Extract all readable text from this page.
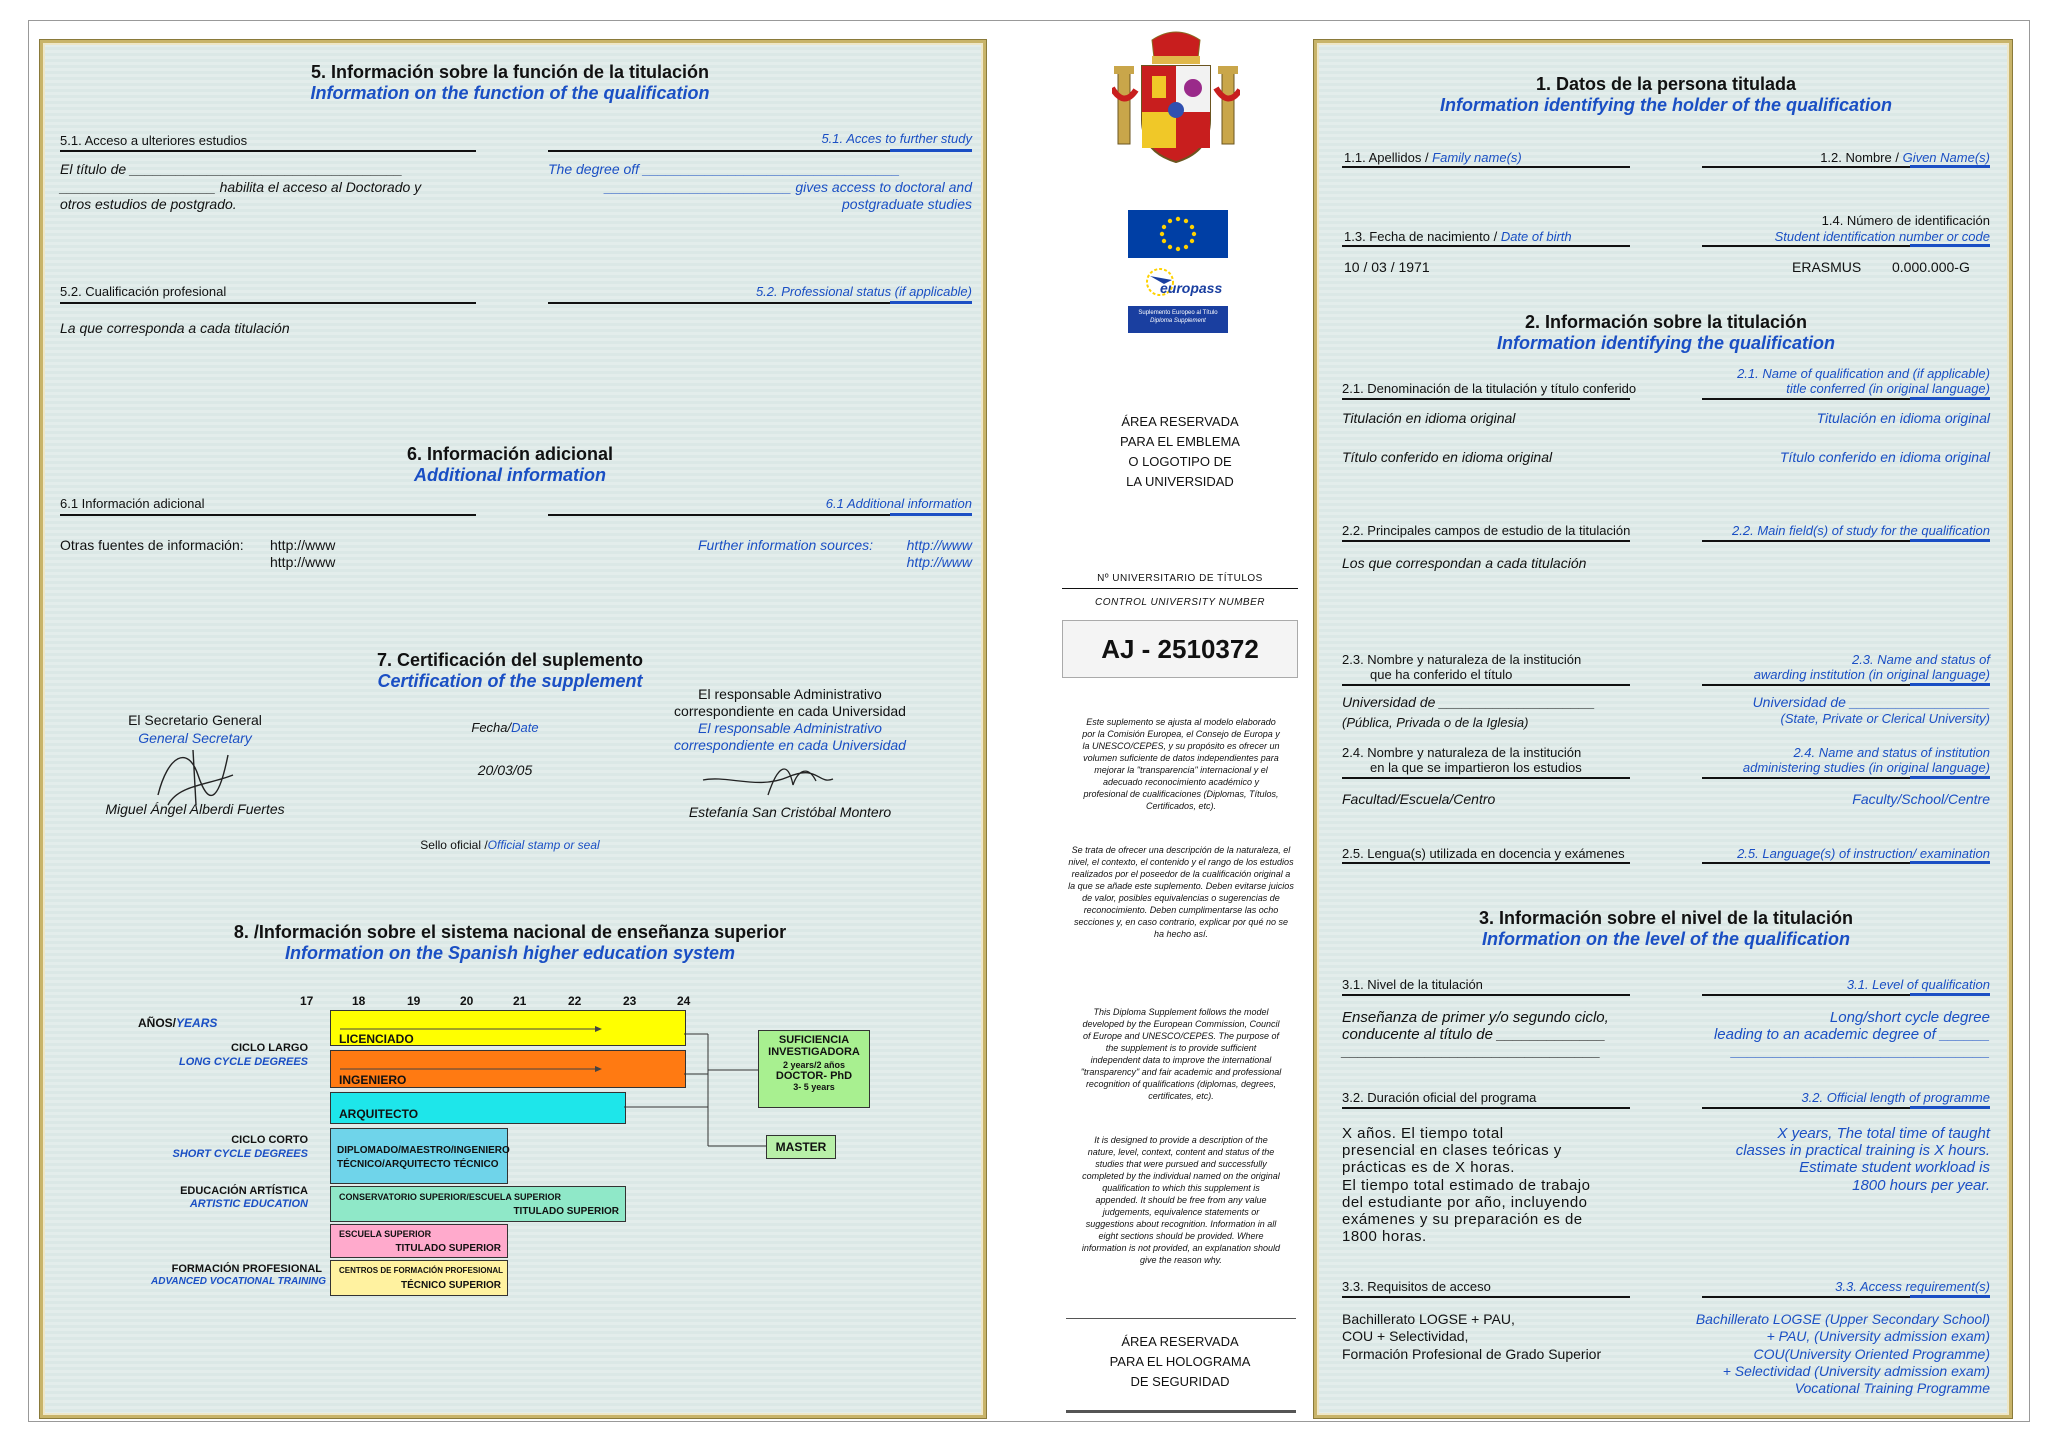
5. Información sobre la función de la titulación
Information on the function of the qualification
5.1. Acceso a ulteriores estudios	5.1. Acces to further study
El título de ___________________________________
____________________ habilita el acceso al Doctorado y
otros estudios de postgrado.
The degree off _________________________________
________________________ gives access to doctoral and
postgraduate studies
5.2. Cualificación profesional	5.2. Professional status (if applicable)
La que corresponda a cada titulación
6. Información adicional
Additional information
6.1 Información adicional	6.1 Additional information
Otras fuentes de información: http://www
http://www
Further information sources:	http://www
http://www
7. Certificación del suplemento
Certification of the supplement
El Secretario General
General Secretary
Miguel Ángel Alberdi Fuertes
Fecha/Date
20/03/05
El responsable Administrativo
correspondiente en cada Universidad
El responsable Administrativo
correspondiente en cada Universidad
Estefanía San Cristóbal Montero
Sello oficial /Official stamp or seal
8. /Información sobre el sistema nacional de enseñanza superior
Information on the Spanish higher education system
17	18	19	20	21	22	23	24
AÑOS/YEARS
CICLO LARGO
LONG CYCLE DEGREES
CICLO CORTO
SHORT CYCLE DEGREES
EDUCACIÓN ARTÍSTICA
ARTISTIC EDUCATION
FORMACIÓN PROFESIONAL
ADVANCED VOCATIONAL TRAINING
LICENCIADO
INGENIERO
ARQUITECTO
DIPLOMADO/MAESTRO/INGENIERO
TÉCNICO/ARQUITECTO TÉCNICO
CONSERVATORIO SUPERIOR/ESCUELA SUPERIOR
TITULADO SUPERIOR
ESCUELA SUPERIOR
TITULADO SUPERIOR
CENTROS DE FORMACIÓN PROFESIONAL
TÉCNICO SUPERIOR
SUFICIENCIA
INVESTIGADORA
2 years/2 años
DOCTOR- PhD
3- 5 years
MASTER
europass
Suplemento Europeo al Título
Diploma Supplement
ÁREA RESERVADA
PARA EL EMBLEMA
O LOGOTIPO DE
LA UNIVERSIDAD
Nº UNIVERSITARIO DE TÍTULOS
CONTROL UNIVERSITY NUMBER
AJ - 2510372
Este suplemento se ajusta al modelo elaborado por la Comisión Europea, el Consejo de Europa y la UNESCO/CEPES, y su propósito es ofrecer un volumen suficiente de datos independientes para mejorar la "transparencia" internacional y el adecuado reconocimiento académico y profesional de cualificaciones (Diplomas, Títulos, Certificados, etc).
Se trata de ofrecer una descripción de la naturaleza, el nivel, el contexto, el contenido y el rango de los estudios realizados por el poseedor de la cualificación original a la que se añade este suplemento. Deben evitarse juicios de valor, posibles equivalencias o sugerencias de reconocimiento. Deben cumplimentarse las ocho secciones y, en caso contrario, explicar por qué no se ha hecho así.
This Diploma Supplement follows the model developed by the European Commission, Council of Europe and UNESCO/CEPES. The purpose of the supplement is to provide sufficient independent data to improve the international "transparency" and fair academic and professional recognition of qualifications (diplomas, degrees, certificates, etc).
It is designed to provide a description of the nature, level, context, content and status of the studies that were pursued and successfully completed by the individual named on the original qualification to which this supplement is appended. It should be free from any value judgements, equivalence statements or suggestions about recognition. Information in all eight sections should be provided. Where information is not provided, an explanation should give the reason why.
ÁREA RESERVADA
PARA EL HOLOGRAMA
DE SEGURIDAD
1. Datos de la persona titulada
Information identifying the holder of the qualification
1.1. Apellidos / Family name(s)	1.2. Nombre / Given Name(s)
1.3. Fecha de nacimiento / Date of birth
1.4. Número de identificación
Student identification number or code
10 / 03 / 1971	ERASMUS 0.000.000-G
2. Información sobre la titulación
Information identifying the qualification
2.1. Denominación de la titulación y título conferido
2.1. Name of qualification and (if applicable)
title conferred (in original language)
Titulación en idioma original	Titulación en idioma original
Título conferido en idioma original	Título conferido en idioma original
2.2. Principales campos de estudio de la titulación	2.2. Main field(s) of study for the qualification
Los que correspondan a cada titulación
2.3. Nombre y naturaleza de la institución
que ha conferido el título
2.3. Name and status of
awarding institution (in original language)
Universidad de ____________________
(Pública, Privada o de la Iglesia)
Universidad de __________________
(State, Private or Clerical University)
2.4. Nombre y naturaleza de la institución
en la que se impartieron los estudios
2.4. Name and status of institution
administering studies (in original language)
Facultad/Escuela/Centro	Faculty/School/Centre
2.5. Lengua(s) utilizada en docencia y exámenes	2.5. Language(s) of instruction/ examination
3. Información sobre el nivel de la titulación
Information on the level of the qualification
3.1. Nivel de la titulación	3.1. Level of qualification
Enseñanza de primer y/o segundo ciclo,
conducente al título de _____________
_______________________________
Long/short cycle degree
leading to an academic degree of ______
_______________________________
3.2. Duración oficial del programa	3.2. Official length of programme
X años. El tiempo total
presencial en clases teóricas y
prácticas es de X horas.
El tiempo total estimado de trabajo
del estudiante por año, incluyendo
exámenes y su preparación es de
1800 horas.
X years, The total time of taught
classes in practical training is X hours.
Estimate student workload is
1800 hours per year.
3.3. Requisitos de acceso	3.3. Access requirement(s)
Bachillerato LOGSE + PAU,
COU + Selectividad,
Formación Profesional de Grado Superior
Bachillerato LOGSE (Upper Secondary School)
+ PAU, (University admission exam)
COU(University Oriented Programme)
+ Selectividad (University admission exam)
Vocational Training Programme
